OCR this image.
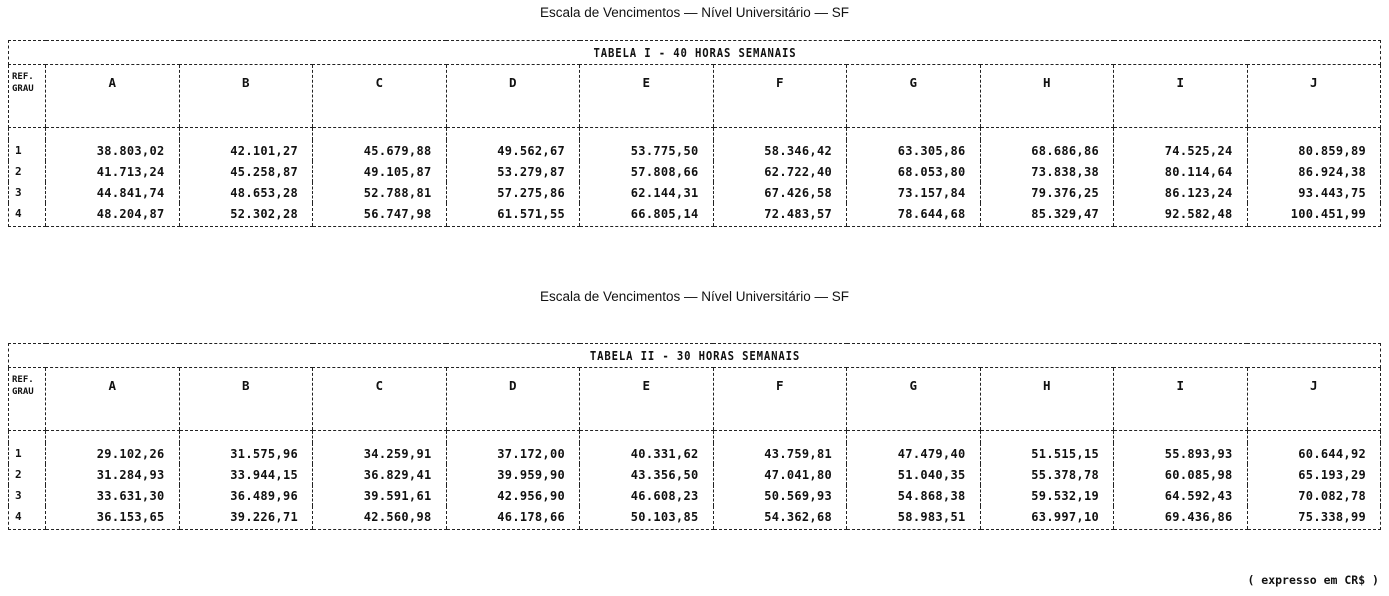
Escala de Vencimentos — Nível Universitário — SF
TABELA I - 40 HORAS SEMANAIS										
REF.
GRAU	A	B	C	D	E	F	G	H	I	J

1	38.803,02	42.101,27	45.679,88	49.562,67	53.775,50	58.346,42	63.305,86	68.686,86	74.525,24	80.859,89
2	41.713,24	45.258,87	49.105,87	53.279,87	57.808,66	62.722,40	68.053,80	73.838,38	80.114,64	86.924,38
3	44.841,74	48.653,28	52.788,81	57.275,86	62.144,31	67.426,58	73.157,84	79.376,25	86.123,24	93.443,75
4	48.204,87	52.302,28	56.747,98	61.571,55	66.805,14	72.483,57	78.644,68	85.329,47	92.582,48	100.451,99
Escala de Vencimentos — Nível Universitário — SF
TABELA II - 30 HORAS SEMANAIS										
REF.
GRAU	A	B	C	D	E	F	G	H	I	J

1	29.102,26	31.575,96	34.259,91	37.172,00	40.331,62	43.759,81	47.479,40	51.515,15	55.893,93	60.644,92
2	31.284,93	33.944,15	36.829,41	39.959,90	43.356,50	47.041,80	51.040,35	55.378,78	60.085,98	65.193,29
3	33.631,30	36.489,96	39.591,61	42.956,90	46.608,23	50.569,93	54.868,38	59.532,19	64.592,43	70.082,78
4	36.153,65	39.226,71	42.560,98	46.178,66	50.103,85	54.362,68	58.983,51	63.997,10	69.436,86	75.338,99
( expresso em CR$ )
